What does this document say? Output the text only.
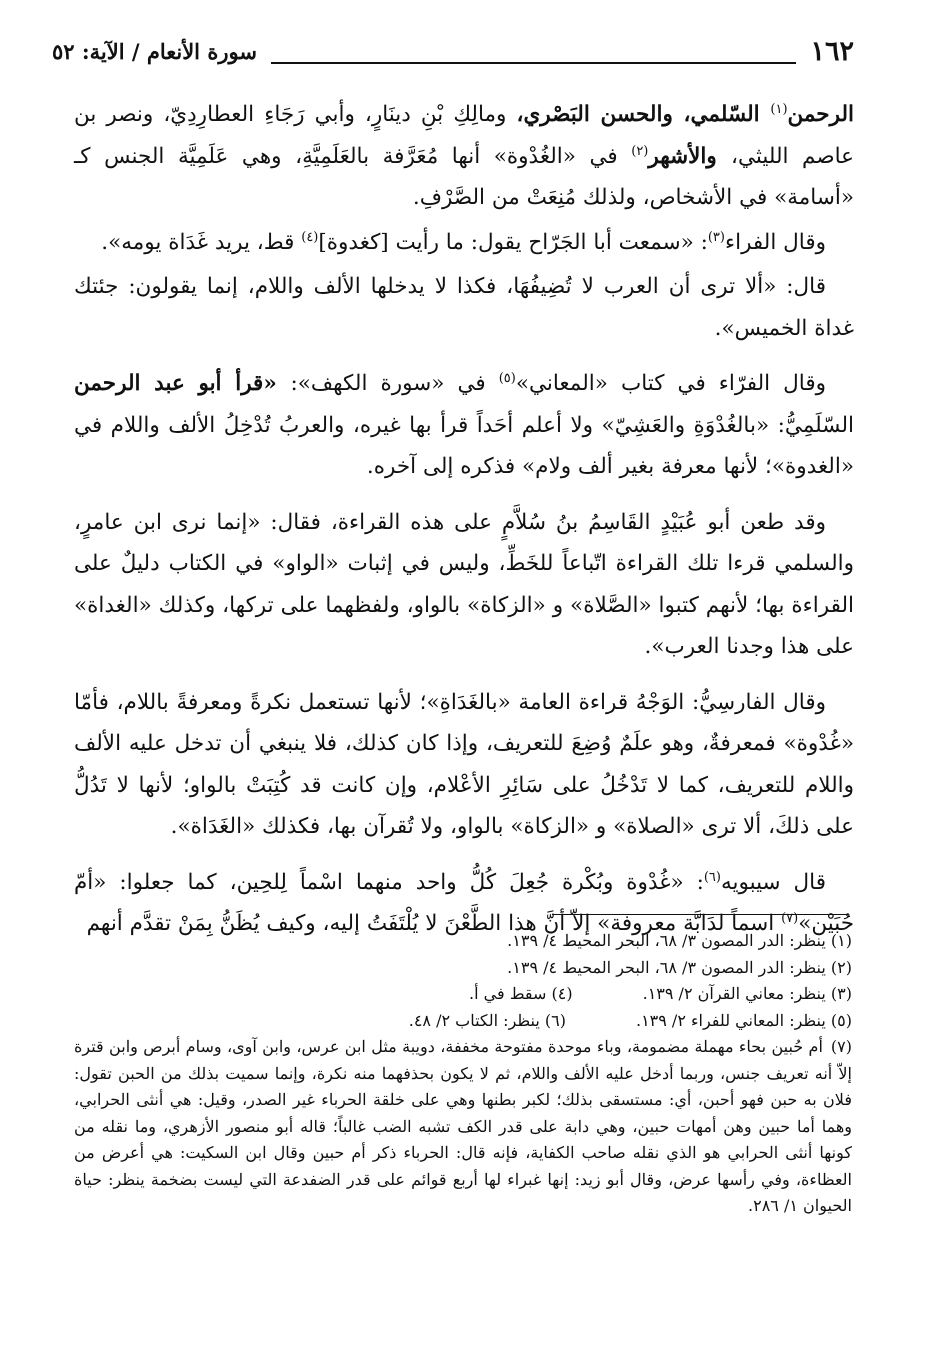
١٦٢
سورة الأنعام / الآية: ٥٢

الرحمن$^{(١)}$ السّلمي، والحسن البَصْري، ومالِكِ بْنِ دينَارٍ، وأبي رَجَاءِ العطارِدِيّ، ونصر بن عاصم الليثي، والأشهر$^{(٢)}$ في «الغُدْوة» أنها مُعَرَّفة بالعَلَمِيَّةِ، وهي عَلَمِيَّة الجنس كـ «أسامة» في الأشخاص، ولذلك مُنِعَتْ من الصَّرْفِ.

وقال الفراء$^{(٣)}$: «سمعت أبا الجَرّاح يقول: ما رأيت [كغدوة]$^{(٤)}$ قط، يريد غَدَاة يومه».

قال: «ألا ترى أن العرب لا تُضِيفُهَا، فكذا لا يدخلها الألف واللام، إنما يقولون: جئتك غداة الخميس».

وقال الفرّاء في كتاب «المعاني»$^{(٥)}$ في «سورة الكهف»: «قرأ أبو عبد الرحمن السّلَمِيُّ: «بالغُدْوَةِ والعَشِيّ» ولا أعلم أحَداً قرأ بها غيره، والعربُ تُدْخِلُ الألف واللام في «الغدوة»؛ لأنها معرفة بغير ألف ولام» فذكره إلى آخره.

وقد طعن أبو عُبَيْدٍ القَاسِمُ بنُ سُلاَّمٍ على هذه القراءة، فقال: «إنما نرى ابن عامرٍ، والسلمي قرءا تلك القراءة اتّباعاً للخَطِّ، وليس في إثبات «الواو» في الكتاب دليلٌ على القراءة بها؛ لأنهم كتبوا «الصَّلاة» و «الزكاة» بالواو، ولفظهما على تركها، وكذلك «الغداة» على هذا وجدنا العرب».

وقال الفارسِيُّ: الوَجْهُ قراءة العامة «بالغَدَاةِ»؛ لأنها تستعمل نكرةً ومعرفةً باللام، فأمّا «غُدْوة» فمعرفةٌ، وهو علَمٌ وُضِعَ للتعريف، وإذا كان كذلك، فلا ينبغي أن تدخل عليه الألف واللام للتعريف، كما لا تَدْخُلُ على سَائِرِ الأعْلام، وإن كانت قد كُتِبَتْ بالواو؛ لأنها لا تَدُلُّ على ذلكَ، ألا ترى «الصلاة» و «الزكاة» بالواو، ولا تُقرآن بها، فكذلك «الغَدَاة».

قال سيبويه$^{(٦)}$: «غُدْوة وبُكْرة جُعِلَ كُلُّ واحد منهما اسْماً لِلحِين، كما جعلوا: «أمّ حُبَيْن»$^{(٧)}$ اسماً لدَابَّة معروفة» إلاّ أنَّ هذا الطَّعْنَ لا يُلْتَفَتُ إليه، وكيف يُظَنُّ بِمَنْ تقدَّم أنهم

(١) ينظر: الدر المصون ٣/ ٦٨، البحر المحيط ٤/ ١٣٩.

(٢) ينظر: الدر المصون ٣/ ٦٨، البحر المحيط ٤/ ١٣٩.

(٣) ينظر: معاني القرآن ٢/ ١٣٩.

(٤) سقط في أ.

(٥) ينظر: المعاني للفراء ٢/ ١٣٩.

(٦) ينظر: الكتاب ٢/ ٤٨.

(٧)أم حُبين بحاء مهملة مضمومة، وباء موحدة مفتوحة مخففة، دويبة مثل ابن عرس، وابن آوى، وسام أبرص وابن قترة إلاّ أنه تعريف جنس، وربما أدخل عليه الألف واللام، ثم لا يكون بحذفهما منه نكرة، وإنما سميت بذلك من الحبن تقول: فلان به حبن فهو أحبن، أي: مستسقى بذلك؛ لكبر بطنها وهي على خلقة الحرباء غير الصدر، وقيل: هي أنثى الحرابي، وهما أما حبين وهن أمهات حبين، وهي دابة على قدر الكف تشبه الضب غالباً؛ قاله أبو منصور الأزهري، وما نقله من كونها أنثى الحرابي هو الذي نقله صاحب الكفاية، فإنه قال: الحرباء ذكر أم حبين وقال ابن السكيت: هي أعرض من العظاءة، وفي رأسها عرض، وقال أبو زيد: إنها غبراء لها أربع قوائم على قدر الضفدعة التي ليست بضخمة ينظر: حياة الحيوان ١/ ٢٨٦.
